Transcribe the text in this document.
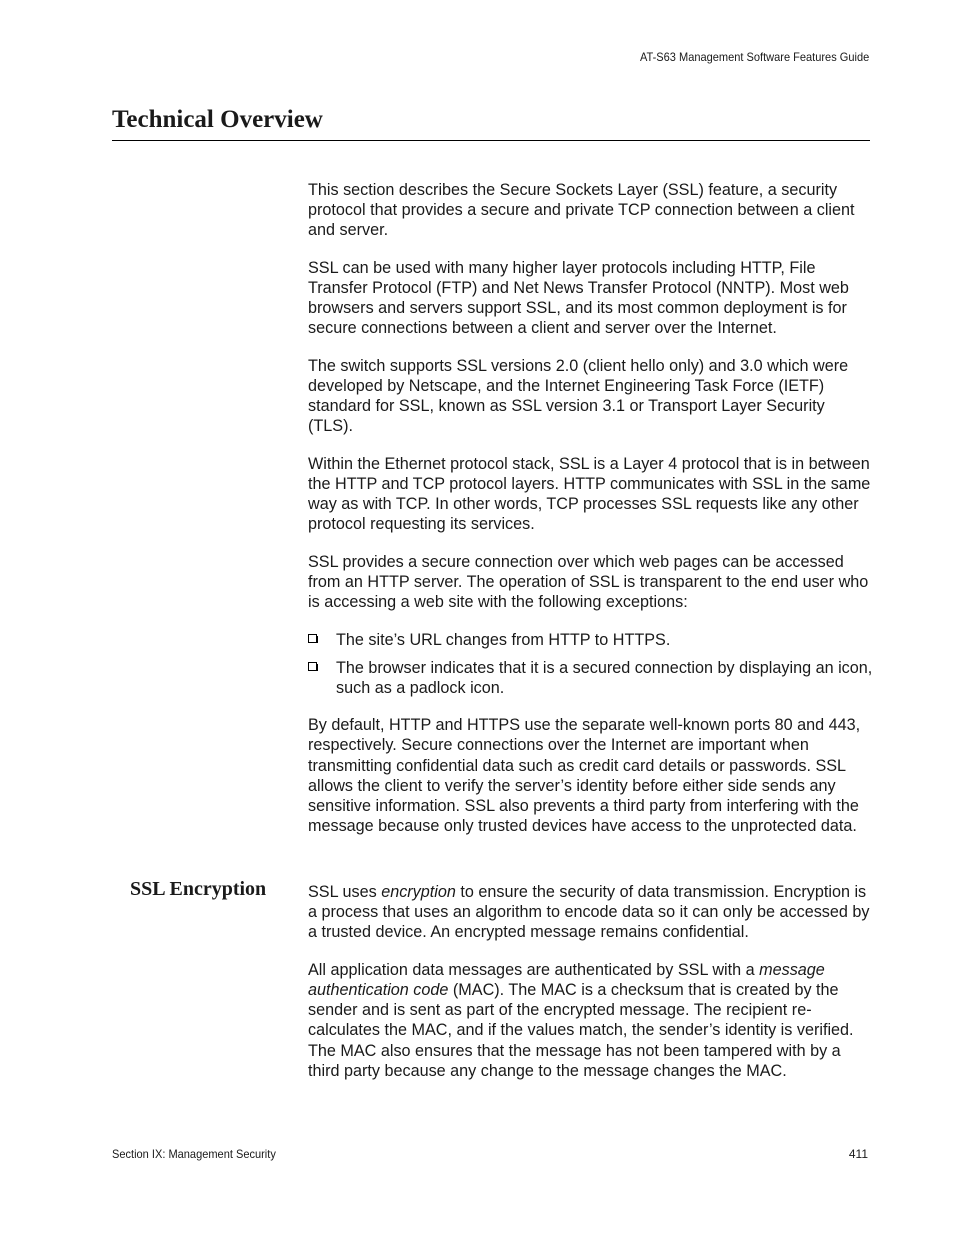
AT-S63 Management Software Features Guide
Technical Overview

This section describes the Secure Sockets Layer (SSL) feature, a security protocol that provides a secure and private TCP connection between a client and server.

SSL can be used with many higher layer protocols including HTTP, File Transfer Protocol (FTP) and Net News Transfer Protocol (NNTP). Most web browsers and servers support SSL, and its most common deployment is for secure connections between a client and server over the Internet.

The switch supports SSL versions 2.0 (client hello only) and 3.0 which were developed by Netscape, and the Internet Engineering Task Force (IETF) standard for SSL, known as SSL version 3.1 or Transport Layer Security (TLS).

Within the Ethernet protocol stack, SSL is a Layer 4 protocol that is in between the HTTP and TCP protocol layers. HTTP communicates with SSL in the same way as with TCP. In other words, TCP processes SSL requests like any other protocol requesting its services.

SSL provides a secure connection over which web pages can be accessed from an HTTP server. The operation of SSL is transparent to the end user who is accessing a web site with the following exceptions:

The site’s URL changes from HTTP to HTTPS.
The browser indicates that it is a secured connection by displaying an icon, such as a padlock icon.

By default, HTTP and HTTPS use the separate well-known ports 80 and 443, respectively. Secure connections over the Internet are important when transmitting confidential data such as credit card details or passwords. SSL allows the client to verify the server’s identity before either side sends any sensitive information. SSL also prevents a third party from interfering with the message because only trusted devices have access to the unprotected data.

SSL Encryption	SSL uses encryption to ensure the security of data transmission. Encryption is a process that uses an algorithm to encode data so it can only be accessed by a trusted device. An encrypted message remains confidential.

All application data messages are authenticated by SSL with a message authentication code (MAC). The MAC is a checksum that is created by the sender and is sent as part of the encrypted message. The recipient re-calculates the MAC, and if the values match, the sender’s identity is verified. The MAC also ensures that the message has not been tampered with by a third party because any change to the message changes the MAC.

Section IX: Management Security	411
